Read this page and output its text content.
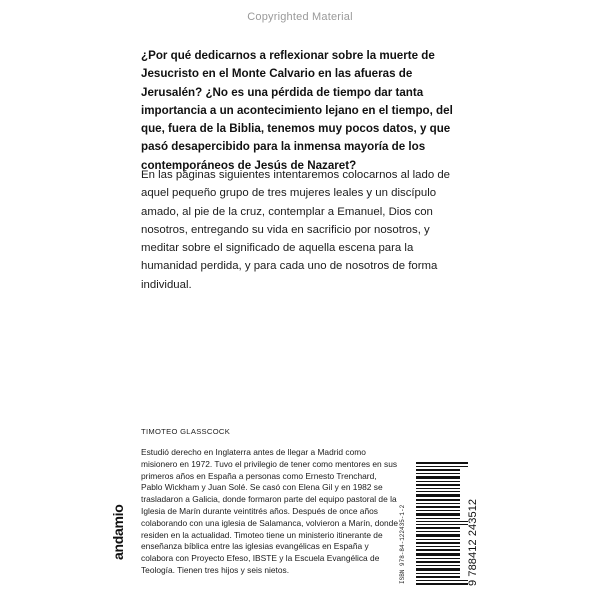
Copyrighted Material

¿Por qué dedicarnos a reflexionar sobre la muerte de Jesucristo en el Monte Calvario en las afueras de Jerusalén? ¿No es una pérdida de tiempo dar tanta importancia a un acontecimiento lejano en el tiempo, del que, fuera de la Biblia, tenemos muy pocos datos, y que pasó desapercibido para la inmensa mayoría de los contemporáneos de Jesús de Nazaret?

En las páginas siguientes intentaremos colocarnos al lado de aquel pequeño grupo de tres mujeres leales y un discípulo amado, al pie de la cruz, contemplar a Emanuel, Dios con nosotros, entregando su vida en sacrificio por nosotros, y meditar sobre el significado de aquella escena para la humanidad perdida, y para cada uno de nosotros de forma individual.

TIMOTEO GLASSCOCK

Estudió derecho en Inglaterra antes de llegar a Madrid como misionero en 1972. Tuvo el privilegio de tener como mentores en sus primeros años en España a personas como Ernesto Trenchard, Pablo Wickham y Juan Solé. Se casó con Elena Gil y en 1982 se trasladaron a Galicia, donde formaron parte del equipo pastoral de la Iglesia de Marín durante veintitrés años. Después de once años colaborando con una iglesia de Salamanca, volvieron a Marín, donde residen en la actualidad. Timoteo tiene un ministerio itinerante de enseñanza bíblica entre las iglesias evangélicas en España y colabora con Proyecto Efeso, IBSTE y la Escuela Evangélica de Teología. Tienen tres hijos y seis nietos.

andamio	ISBN 978-84-122435-1-2	9 788412 243512
